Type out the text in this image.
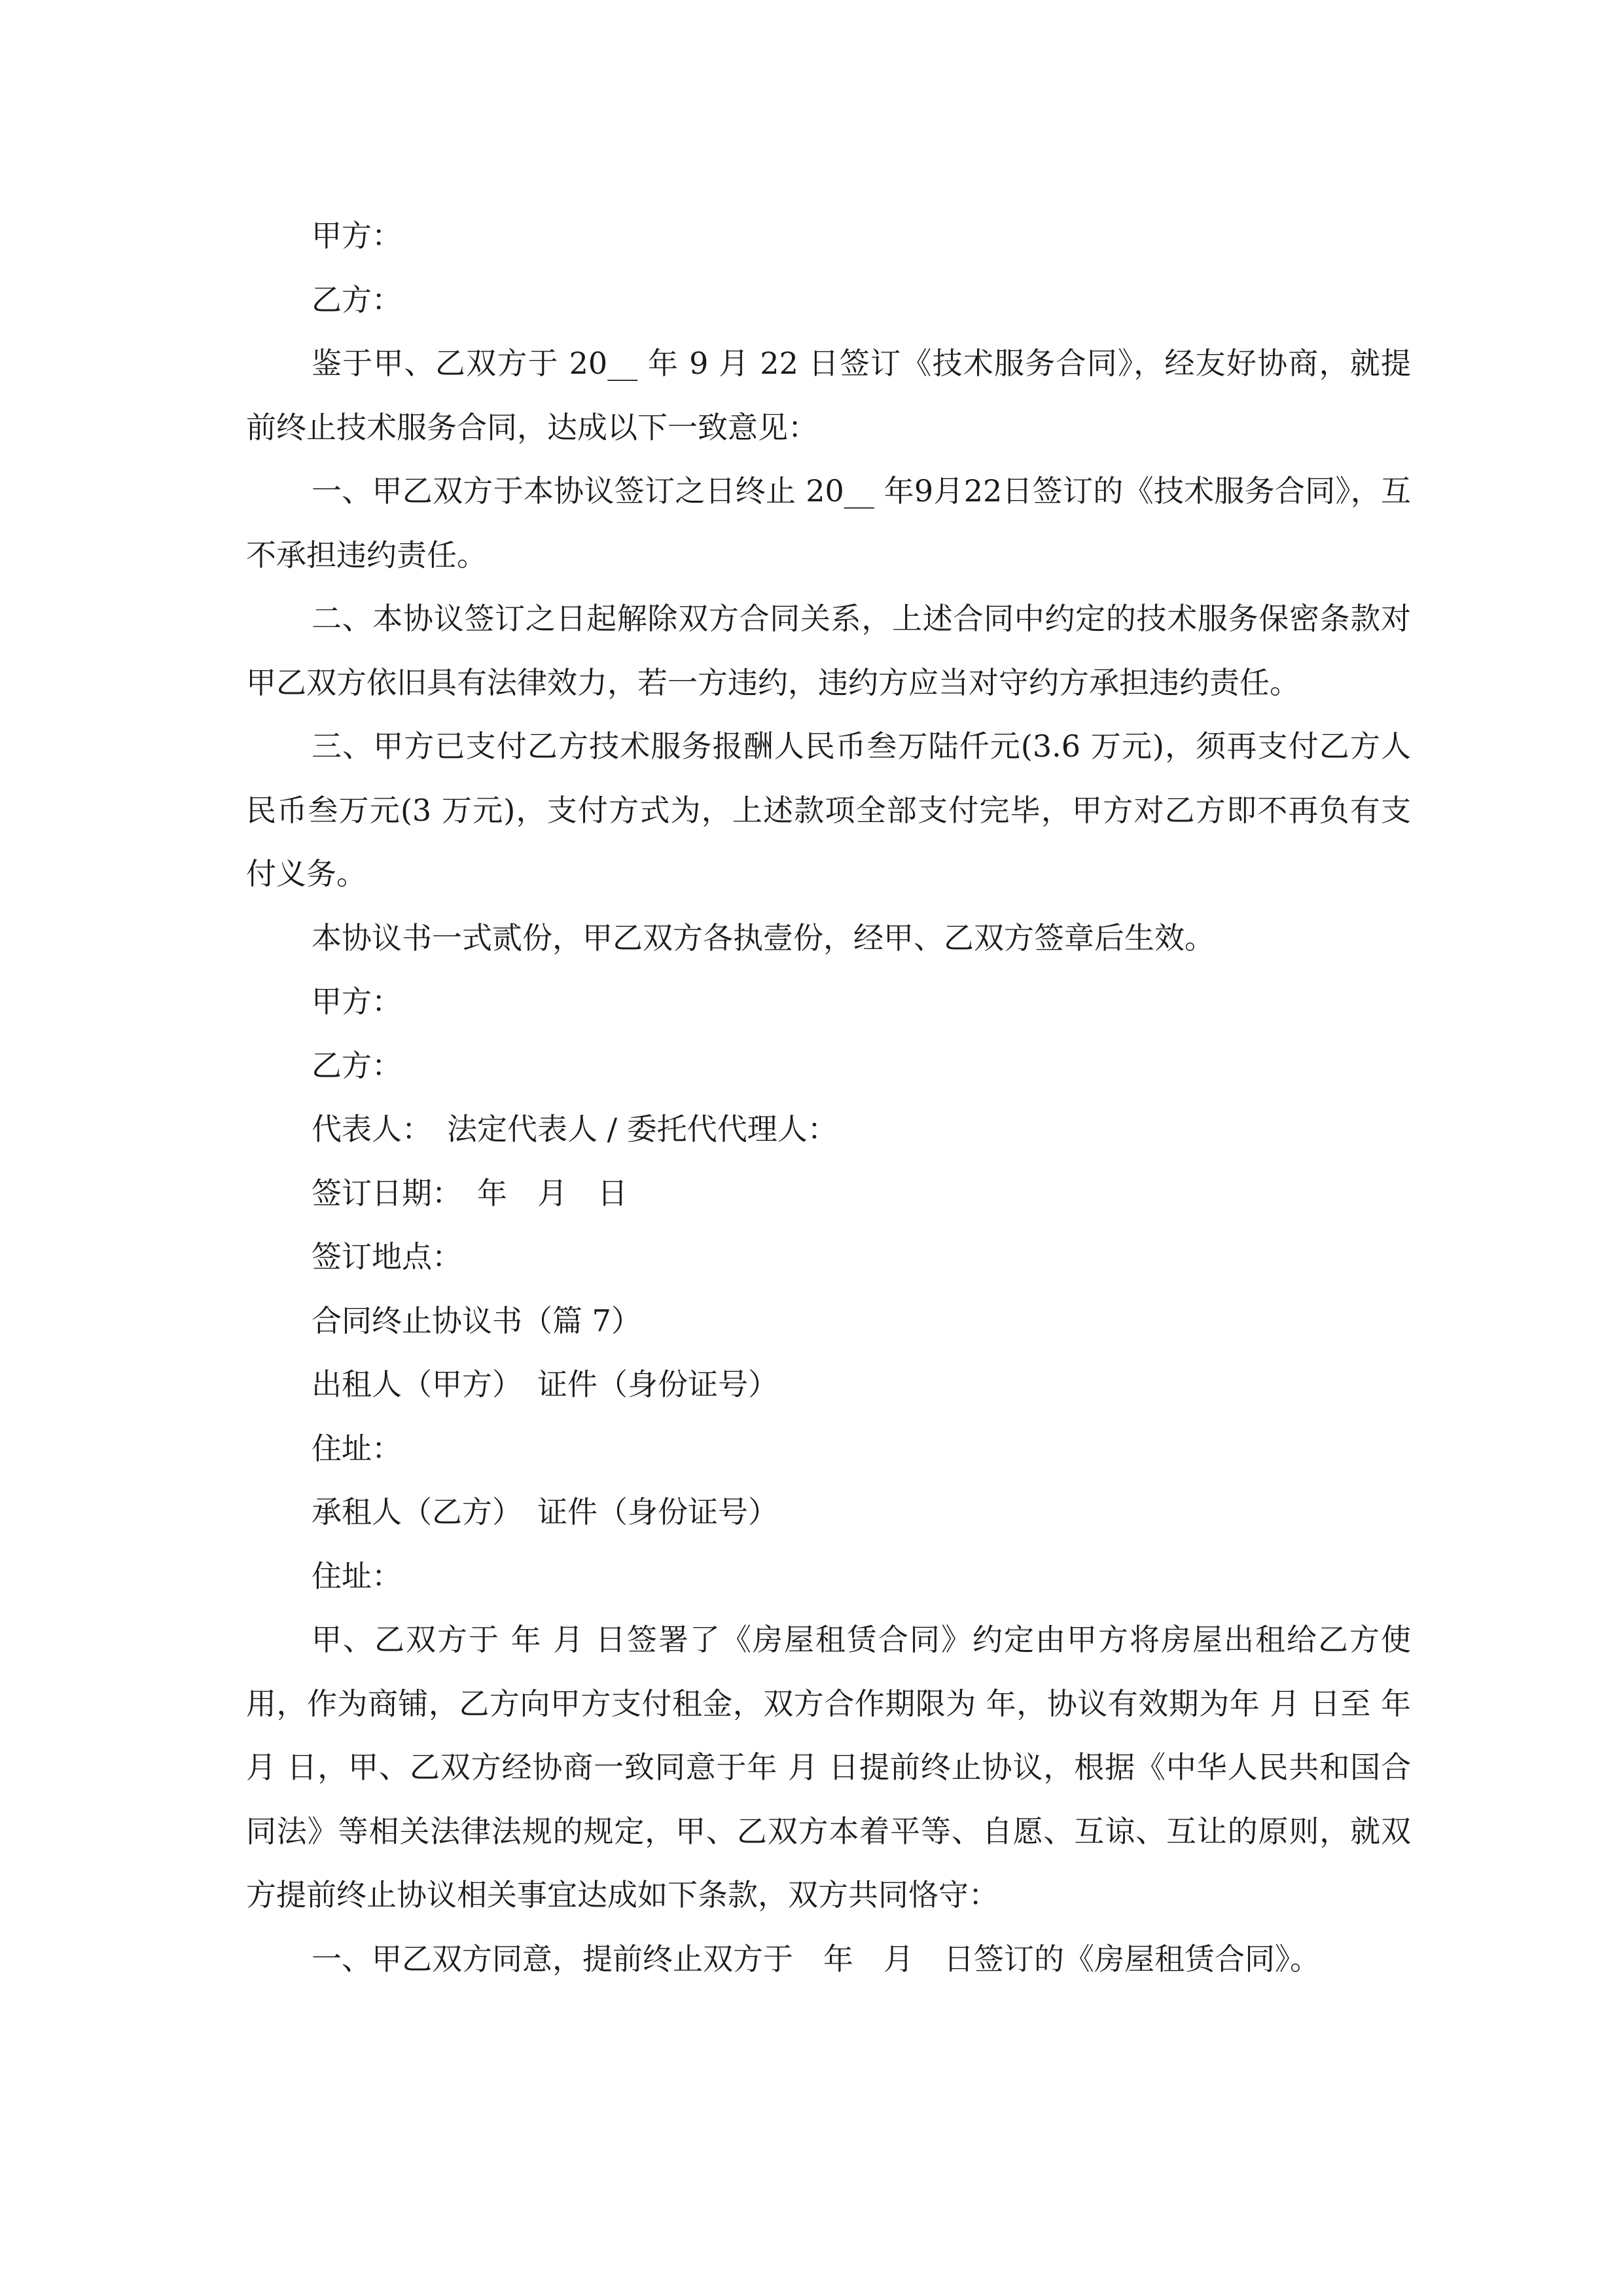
甲方：

乙方：

鉴于甲、乙双方于 20__ 年 9 月 22 日签订《技术服务合同》，经友好协商，就提前终止技术服务合同，达成以下一致意见：

一、甲乙双方于本协议签订之日终止 20__ 年9月22日签订的《技术服务合同》，互不承担违约责任。

二、本协议签订之日起解除双方合同关系，上述合同中约定的技术服务保密条款对甲乙双方依旧具有法律效力，若一方违约，违约方应当对守约方承担违约责任。

三、甲方已支付乙方技术服务报酬人民币叁万陆仟元(3.6 万元)，须再支付乙方人民币叁万元(3 万元)，支付方式为，上述款项全部支付完毕，甲方对乙方即不再负有支付义务。

本协议书一式贰份，甲乙双方各执壹份，经甲、乙双方签章后生效。

甲方：

乙方：

代表人：　法定代表人 / 委托代代理人：

签订日期：　年　月　日

签订地点：

合同终止协议书（篇 7）

出租人（甲方）　证件（身份证号）

住址：

承租人（乙方）　证件（身份证号）

住址：

甲、乙双方于 年 月 日签署了《房屋租赁合同》约定由甲方将房屋出租给乙方使用，作为商铺，乙方向甲方支付租金，双方合作期限为 年，协议有效期为年 月 日至 年 月 日，甲、乙双方经协商一致同意于年 月 日提前终止协议，根据《中华人民共和国合同法》等相关法律法规的规定，甲、乙双方本着平等、自愿、互谅、互让的原则，就双方提前终止协议相关事宜达成如下条款，双方共同恪守：

一、甲乙双方同意，提前终止双方于　年　月　日签订的《房屋租赁合同》。
